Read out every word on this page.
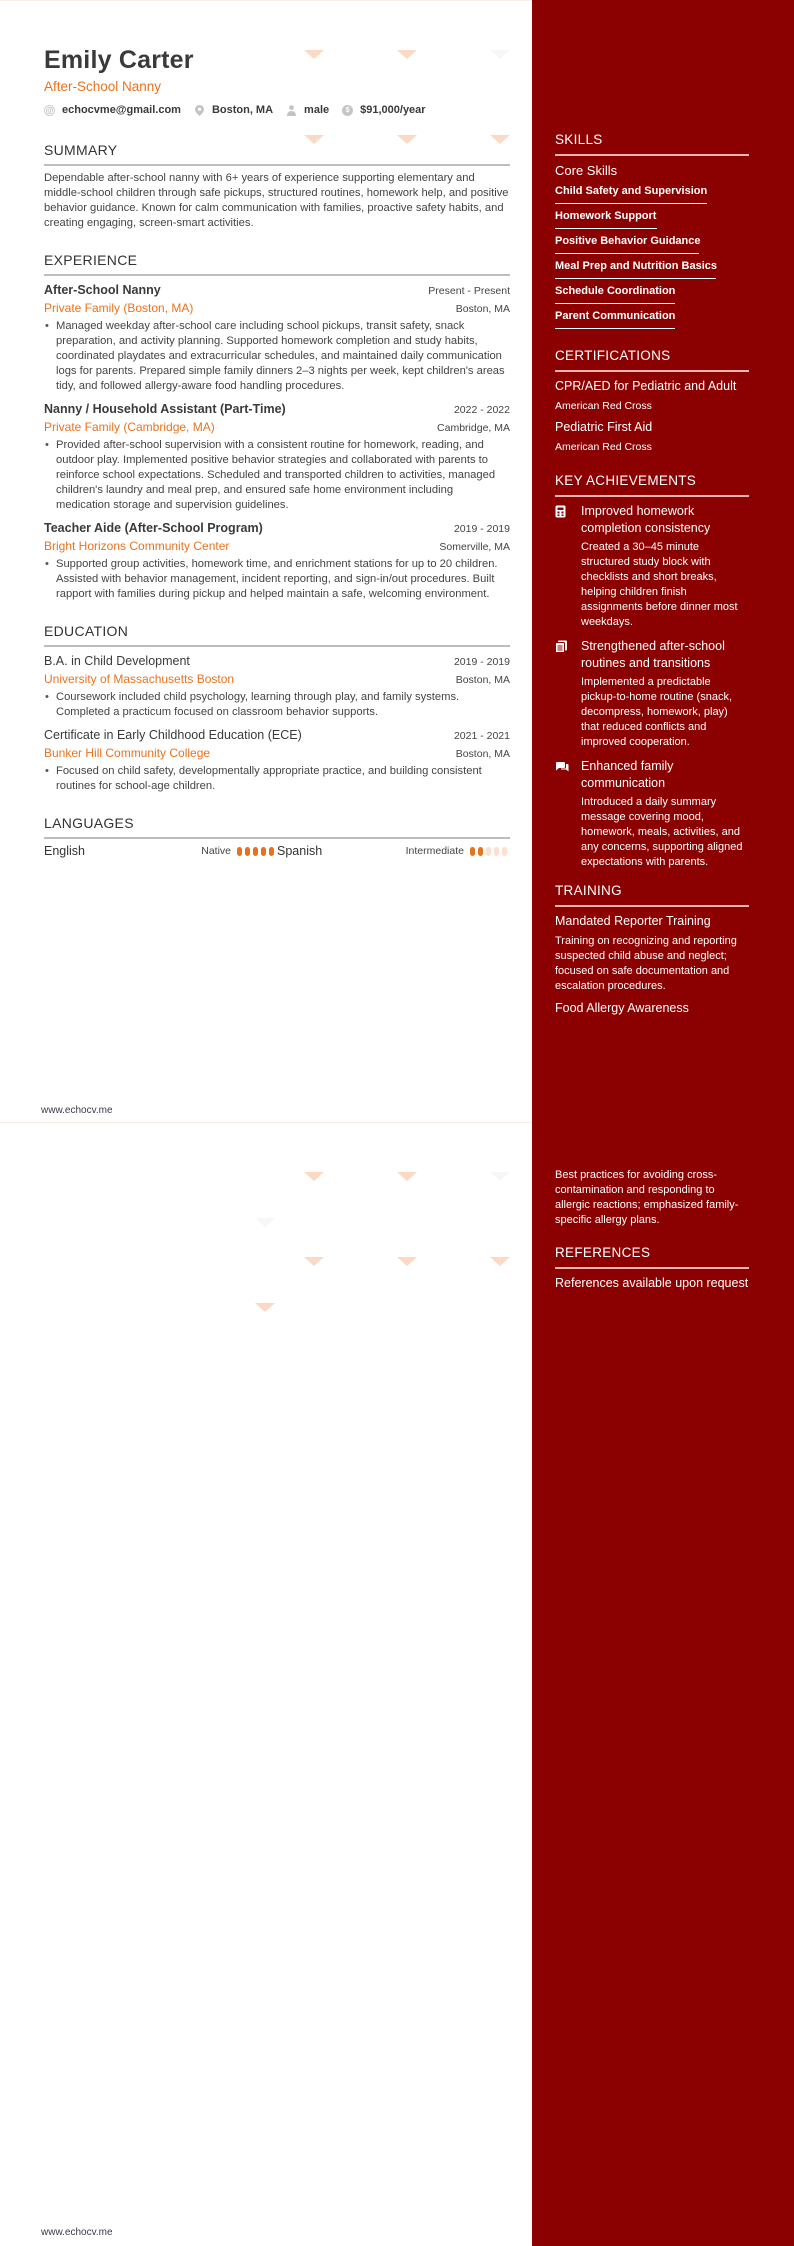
Emily Carter
After-School Nanny
@ echocvme@gmail.com	Boston, MA	male	$ $91,000/year
SUMMARY
Dependable after-school nanny with 6+ years of experience supporting elementary and middle-school children through safe pickups, structured routines, homework help, and positive behavior guidance. Known for calm communication with families, proactive safety habits, and creating engaging, screen-smart activities.
EXPERIENCE
After-School Nanny	Present - Present
Private Family (Boston, MA)	Boston, MA
• Managed weekday after-school care including school pickups, transit safety, snack preparation, and activity planning. Supported homework completion and study habits, coordinated playdates and extracurricular schedules, and maintained daily communication logs for parents. Prepared simple family dinners 2–3 nights per week, kept children's areas tidy, and followed allergy-aware food handling procedures.
Nanny / Household Assistant (Part-Time)	2022 - 2022
Private Family (Cambridge, MA)	Cambridge, MA
• Provided after-school supervision with a consistent routine for homework, reading, and outdoor play. Implemented positive behavior strategies and collaborated with parents to reinforce school expectations. Scheduled and transported children to activities, managed children's laundry and meal prep, and ensured safe home environment including medication storage and supervision guidelines.
Teacher Aide (After-School Program)	2019 - 2019
Bright Horizons Community Center	Somerville, MA
• Supported group activities, homework time, and enrichment stations for up to 20 children. Assisted with behavior management, incident reporting, and sign-in/out procedures. Built rapport with families during pickup and helped maintain a safe, welcoming environment.
EDUCATION
B.A. in Child Development	2019 - 2019
University of Massachusetts Boston	Boston, MA
• Coursework included child psychology, learning through play, and family systems. Completed a practicum focused on classroom behavior supports.
Certificate in Early Childhood Education (ECE)	2021 - 2021
Bunker Hill Community College	Boston, MA
• Focused on child safety, developmentally appropriate practice, and building consistent routines for school-age children.
LANGUAGES
English	Native	Spanish	Intermediate
www.echocv.me
www.echocv.me
SKILLS
Core Skills
Child Safety and Supervision
Homework Support
Positive Behavior Guidance
Meal Prep and Nutrition Basics
Schedule Coordination
Parent Communication
CERTIFICATIONS
CPR/AED for Pediatric and Adult
American Red Cross
Pediatric First Aid
American Red Cross
KEY ACHIEVEMENTS
Improved homework completion consistency
Created a 30–45 minute structured study block with checklists and short breaks, helping children finish assignments before dinner most weekdays.
Strengthened after-school routines and transitions
Implemented a predictable pickup-to-home routine (snack, decompress, homework, play) that reduced conflicts and improved cooperation.
Enhanced family communication
Introduced a daily summary message covering mood, homework, meals, activities, and any concerns, supporting aligned expectations with parents.
TRAINING
Mandated Reporter Training
Training on recognizing and reporting suspected child abuse and neglect; focused on safe documentation and escalation procedures.
Food Allergy Awareness
Best practices for avoiding cross-contamination and responding to allergic reactions; emphasized family-specific allergy plans.
REFERENCES
References available upon request
